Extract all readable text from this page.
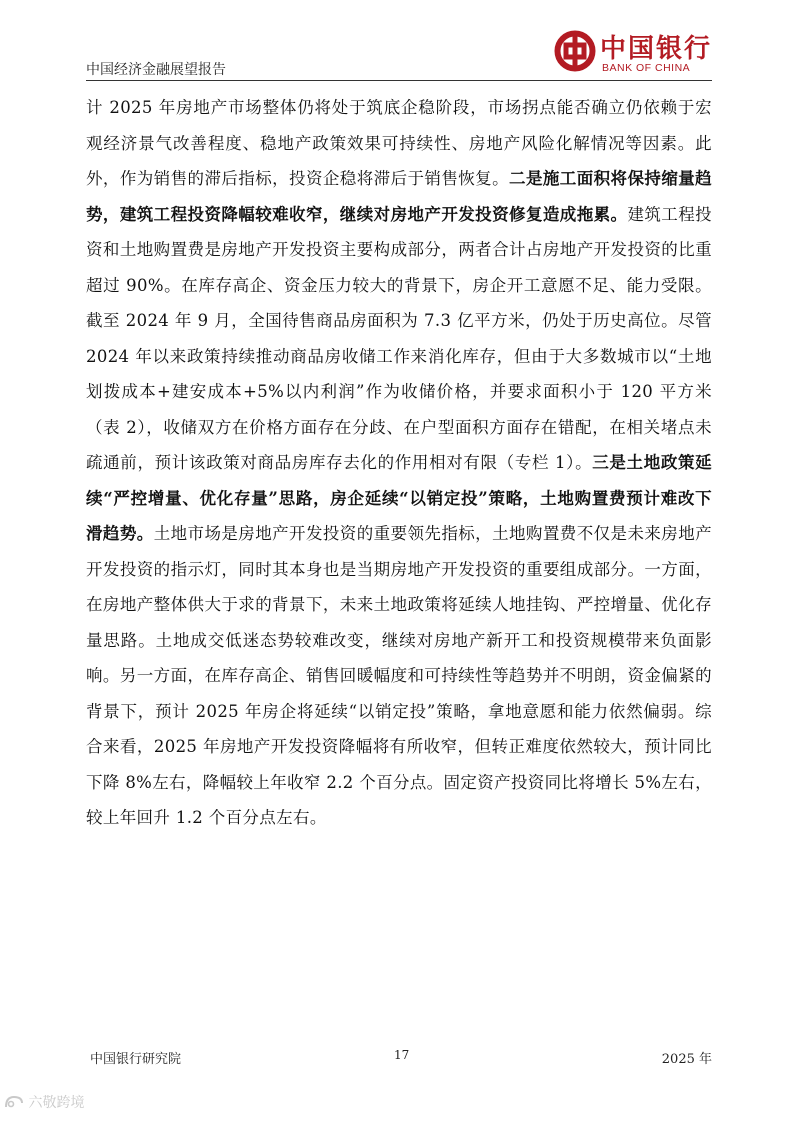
中国经济金融展望报告
中国银行
BANK OF CHINA
计 2025 年房地产市场整体仍将处于筑底企稳阶段，市场拐点能否确立仍依赖于宏观经济景气改善程度、稳地产政策效果可持续性、房地产风险化解情况等因素。此外，作为销售的滞后指标，投资企稳将滞后于销售恢复。二是施工面积将保持缩量趋势，建筑工程投资降幅较难收窄，继续对房地产开发投资修复造成拖累。建筑工程投资和土地购置费是房地产开发投资主要构成部分，两者合计占房地产开发投资的比重超过 90%。在库存高企、资金压力较大的背景下，房企开工意愿不足、能力受限。截至 2024 年 9 月，全国待售商品房面积为 7.3 亿平方米，仍处于历史高位。尽管 2024 年以来政策持续推动商品房收储工作来消化库存，但由于大多数城市以“土地划拨成本+建安成本+5%以内利润”作为收储价格，并要求面积小于 120 平方米（表 2），收储双方在价格方面存在分歧、在户型面积方面存在错配，在相关堵点未疏通前，预计该政策对商品房库存去化的作用相对有限（专栏 1）。三是土地政策延续“严控增量、优化存量”思路，房企延续“以销定投”策略，土地购置费预计难改下滑趋势。土地市场是房地产开发投资的重要领先指标，土地购置费不仅是未来房地产开发投资的指示灯，同时其本身也是当期房地产开发投资的重要组成部分。一方面，在房地产整体供大于求的背景下，未来土地政策将延续人地挂钩、严控增量、优化存量思路。土地成交低迷态势较难改变，继续对房地产新开工和投资规模带来负面影响。另一方面，在库存高企、销售回暖幅度和可持续性等趋势并不明朗，资金偏紧的背景下，预计 2025 年房企将延续“以销定投”策略，拿地意愿和能力依然偏弱。综合来看，2025 年房地产开发投资降幅将有所收窄，但转正难度依然较大，预计同比下降 8%左右，降幅较上年收窄 2.2 个百分点。固定资产投资同比将增长 5%左右，较上年回升 1.2 个百分点左右。
中国银行研究院	17	2025 年
六敬跨境
